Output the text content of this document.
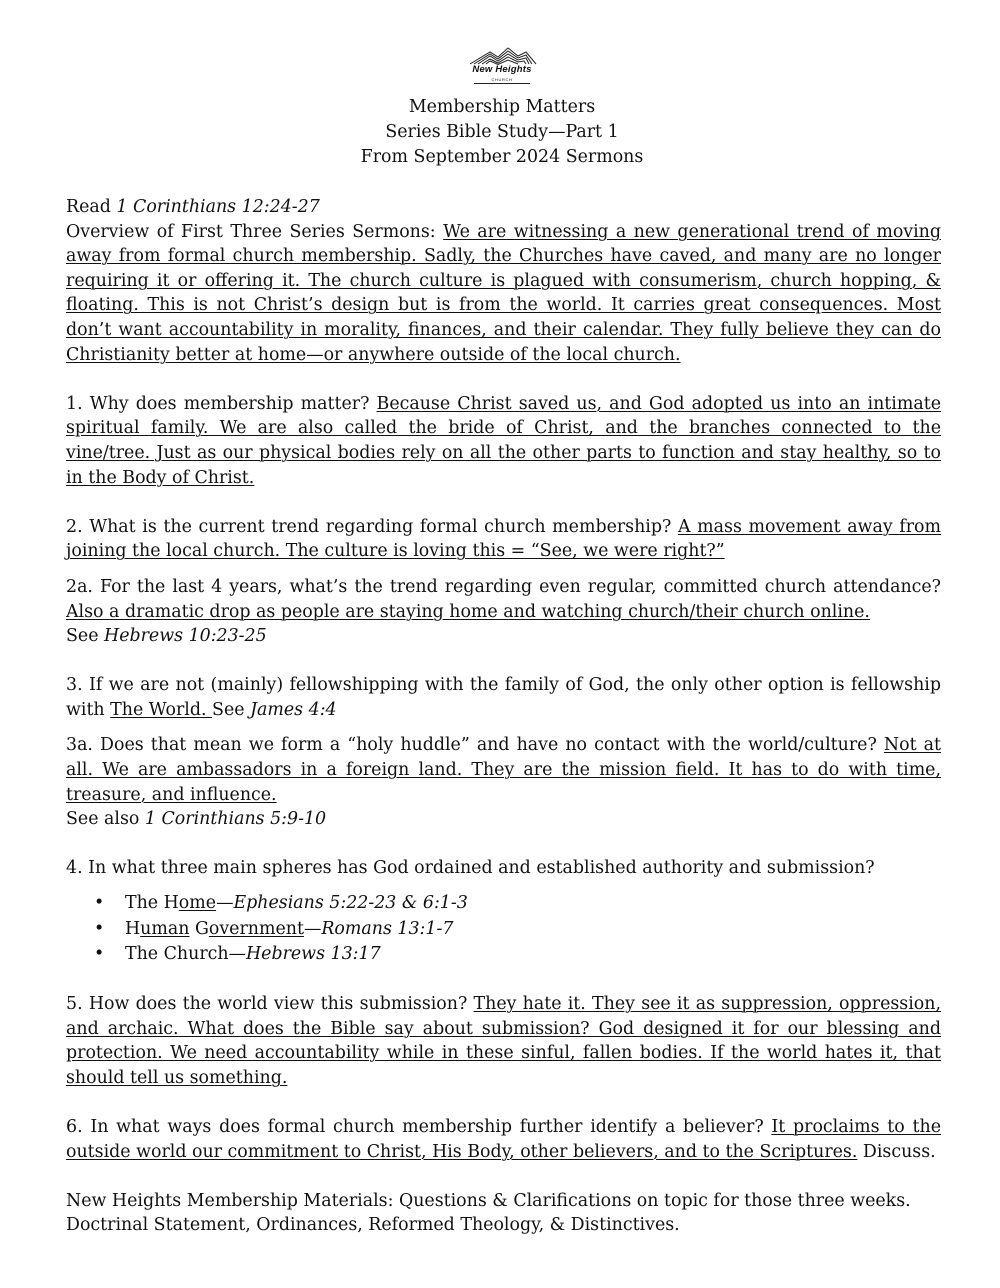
New Heights
CHURCH
Membership Matters
Series Bible Study—Part 1
From September 2024 Sermons

Read 1 Corinthians 12:24-27

Overview of First Three Series Sermons: We are witnessing a new generational trend of moving away from formal church membership. Sadly, the Churches have caved, and many are no longer requiring it or offering it. The church culture is plagued with consumerism, church hopping, & floating. This is not Christ’s design but is from the world. It carries great consequences. Most don’t want accountability in morality, finances, and their calendar. They fully believe they can do Christianity better at home—or anywhere outside of the local church.

1. Why does membership matter? Because Christ saved us, and God adopted us into an intimate spiritual family. We are also called the bride of Christ, and the branches connected to the vine/tree. Just as our physical bodies rely on all the other parts to function and stay healthy, so to in the Body of Christ.

2. What is the current trend regarding formal church membership? A mass movement away from joining the local church. The culture is loving this = “See, we were right?”

2a. For the last 4 years, what’s the trend regarding even regular, committed church attendance? Also a dramatic drop as people are staying home and watching church/their church online.
See Hebrews 10:23-25

3. If we are not (mainly) fellowshipping with the family of God, the only other option is fellowship with The World. See James 4:4

3a. Does that mean we form a “holy huddle” and have no contact with the world/culture? Not at all. We are ambassadors in a foreign land. They are the mission field. It has to do with time, treasure, and influence.
See also 1 Corinthians 5:9-10

4. In what three main spheres has God ordained and established authority and submission?

• The Home—Ephesians 5:22-23 & 6:1-3
• Human Government—Romans 13:1-7
• The Church—Hebrews 13:17

5. How does the world view this submission? They hate it. They see it as suppression, oppression, and archaic. What does the Bible say about submission? God designed it for our blessing and protection. We need accountability while in these sinful, fallen bodies. If the world hates it, that should tell us something.

6. In what ways does formal church membership further identify a believer? It proclaims to the outside world our commitment to Christ, His Body, other believers, and to the Scriptures. Discuss.

New Heights Membership Materials: Questions & Clarifications on topic for those three weeks.
Doctrinal Statement, Ordinances, Reformed Theology, & Distinctives.
